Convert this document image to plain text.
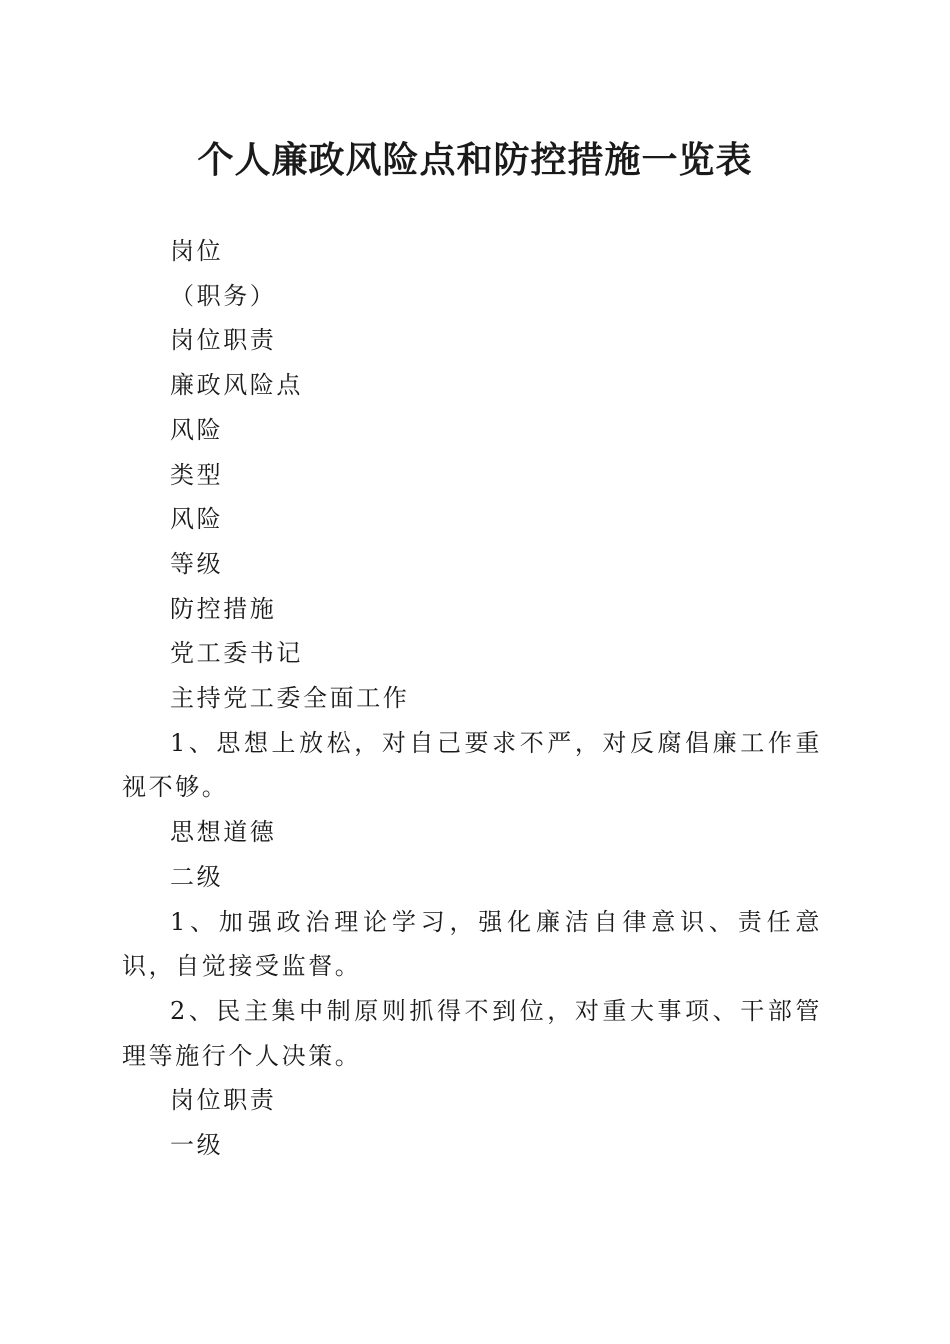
个人廉政风险点和防控措施一览表

岗位

（职务）

岗位职责

廉政风险点

风险

类型

风险

等级

防控措施

党工委书记

主持党工委全面工作

1、思想上放松，对自己要求不严，对反腐倡廉工作重视不够。

思想道德

二级

1、加强政治理论学习，强化廉洁自律意识、责任意识，自觉接受监督。

2、民主集中制原则抓得不到位，对重大事项、干部管理等施行个人决策。

岗位职责

一级
